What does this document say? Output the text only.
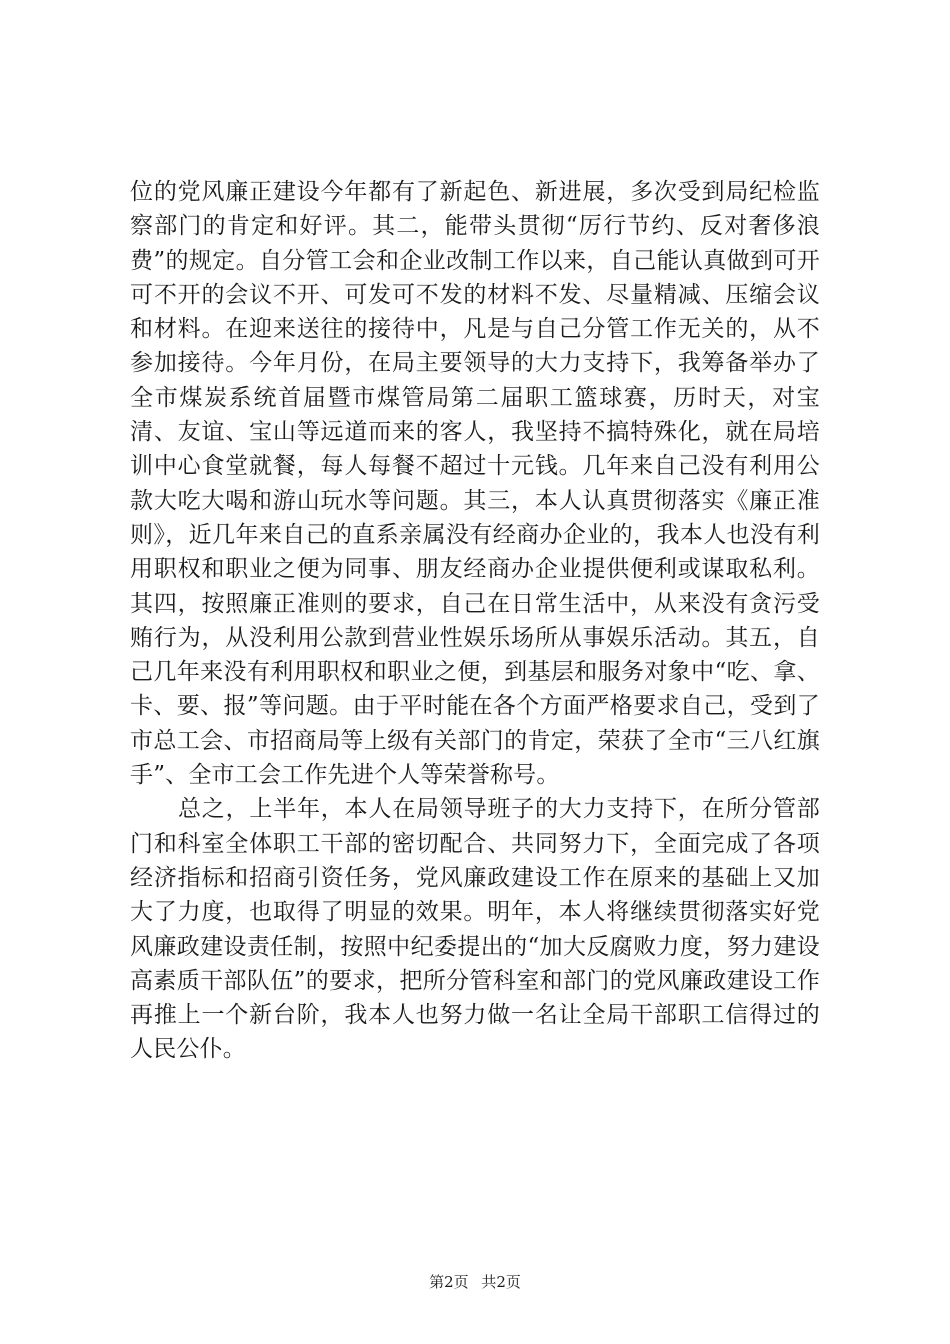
位的党风廉正建设今年都有了新起色、新进展，多次受到局纪检监察部门的肯定和好评。其二，能带头贯彻“厉行节约、反对奢侈浪费”的规定。自分管工会和企业改制工作以来，自己能认真做到可开可不开的会议不开、可发可不发的材料不发、尽量精减、压缩会议和材料。在迎来送往的接待中，凡是与自己分管工作无关的，从不参加接待。今年月份，在局主要领导的大力支持下，我筹备举办了全市煤炭系统首届暨市煤管局第二届职工篮球赛，历时天，对宝清、友谊、宝山等远道而来的客人，我坚持不搞特殊化，就在局培训中心食堂就餐，每人每餐不超过十元钱。几年来自己没有利用公款大吃大喝和游山玩水等问题。其三，本人认真贯彻落实《廉正准则》，近几年来自己的直系亲属没有经商办企业的，我本人也没有利用职权和职业之便为同事、朋友经商办企业提供便利或谋取私利。其四，按照廉正准则的要求，自己在日常生活中，从来没有贪污受贿行为，从没利用公款到营业性娱乐场所从事娱乐活动。其五，自己几年来没有利用职权和职业之便，到基层和服务对象中“吃、拿、卡、要、报”等问题。由于平时能在各个方面严格要求自己，受到了市总工会、市招商局等上级有关部门的肯定，荣获了全市“三八红旗手”、全市工会工作先进个人等荣誉称号。

总之，上半年，本人在局领导班子的大力支持下，在所分管部门和科室全体职工干部的密切配合、共同努力下，全面完成了各项经济指标和招商引资任务，党风廉政建设工作在原来的基础上又加大了力度，也取得了明显的效果。明年，本人将继续贯彻落实好党风廉政建设责任制，按照中纪委提出的“加大反腐败力度，努力建设高素质干部队伍”的要求，把所分管科室和部门的党风廉政建设工作再推上一个新台阶，我本人也努力做一名让全局干部职工信得过的人民公仆。

第2页 共2页
